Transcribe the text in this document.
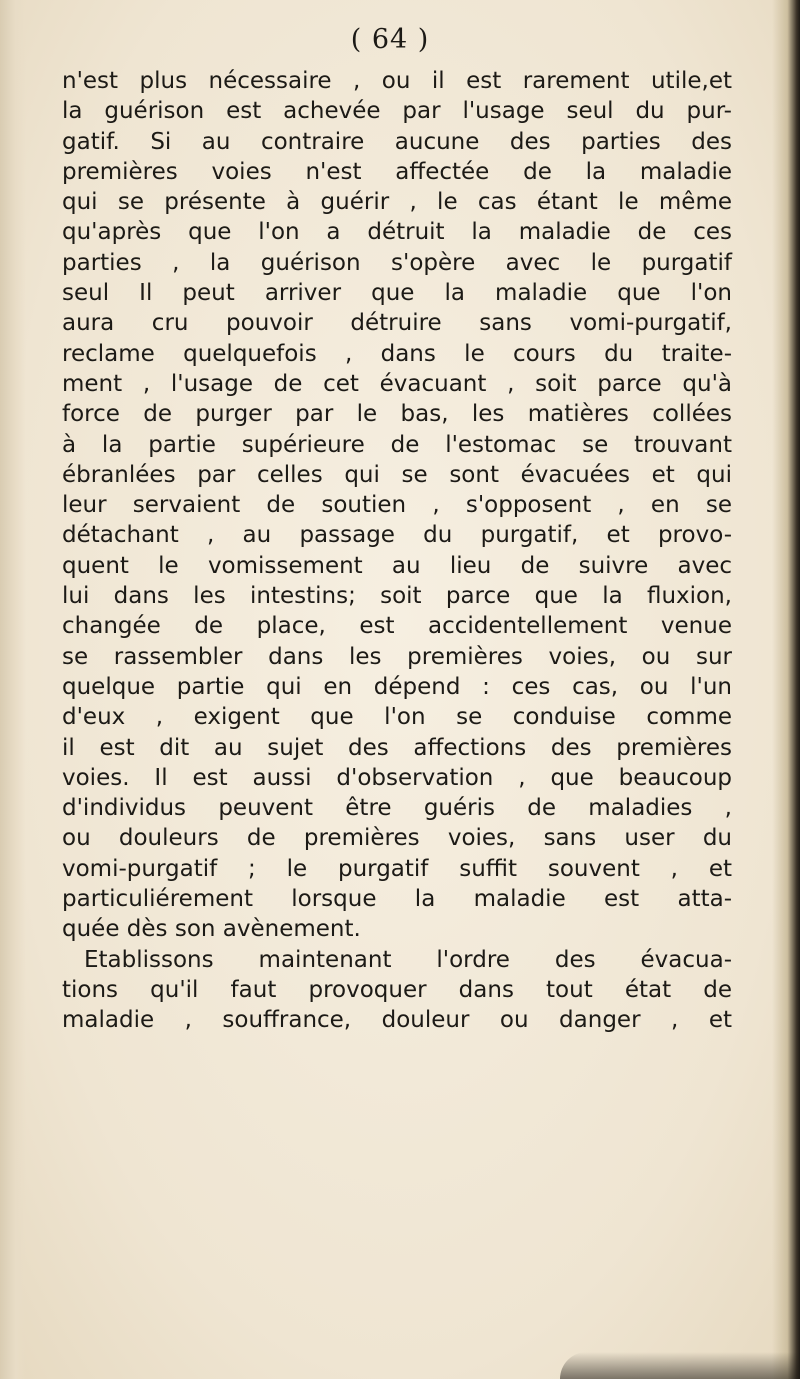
( 64 )
n'est plus nécessaire , ou il est rarement utile,et
la guérison est achevée par l'usage seul du pur-
gatif. Si au contraire aucune des parties des
premières voies n'est affectée de la maladie
qui se présente à guérir , le cas étant le même
qu'après que l'on a détruit la maladie de ces
parties , la guérison s'opère avec le purgatif
seul Il peut arriver que la maladie que l'on
aura cru pouvoir détruire sans vomi-purgatif,
reclame quelquefois , dans le cours du traite-
ment , l'usage de cet évacuant , soit parce qu'à
force de purger par le bas, les matières collées
à la partie supérieure de l'estomac se trouvant
ébranlées par celles qui se sont évacuées et qui
leur servaient de soutien , s'opposent , en se
détachant , au passage du purgatif, et provo-
quent le vomissement au lieu de suivre avec
lui dans les intestins; soit parce que la fluxion,
changée de place, est accidentellement venue
se rassembler dans les premières voies, ou sur
quelque partie qui en dépend : ces cas, ou l'un
d'eux , exigent que l'on se conduise comme
il est dit au sujet des affections des premières
voies. Il est aussi d'observation , que beaucoup
d'individus peuvent être guéris de maladies ,
ou douleurs de premières voies, sans user du
vomi-purgatif ; le purgatif suffit souvent , et
particuliérement lorsque la maladie est atta-
quée dès son avènement.
Etablissons maintenant l'ordre des évacua-
tions qu'il faut provoquer dans tout état de
maladie , souffrance, douleur ou danger , et
